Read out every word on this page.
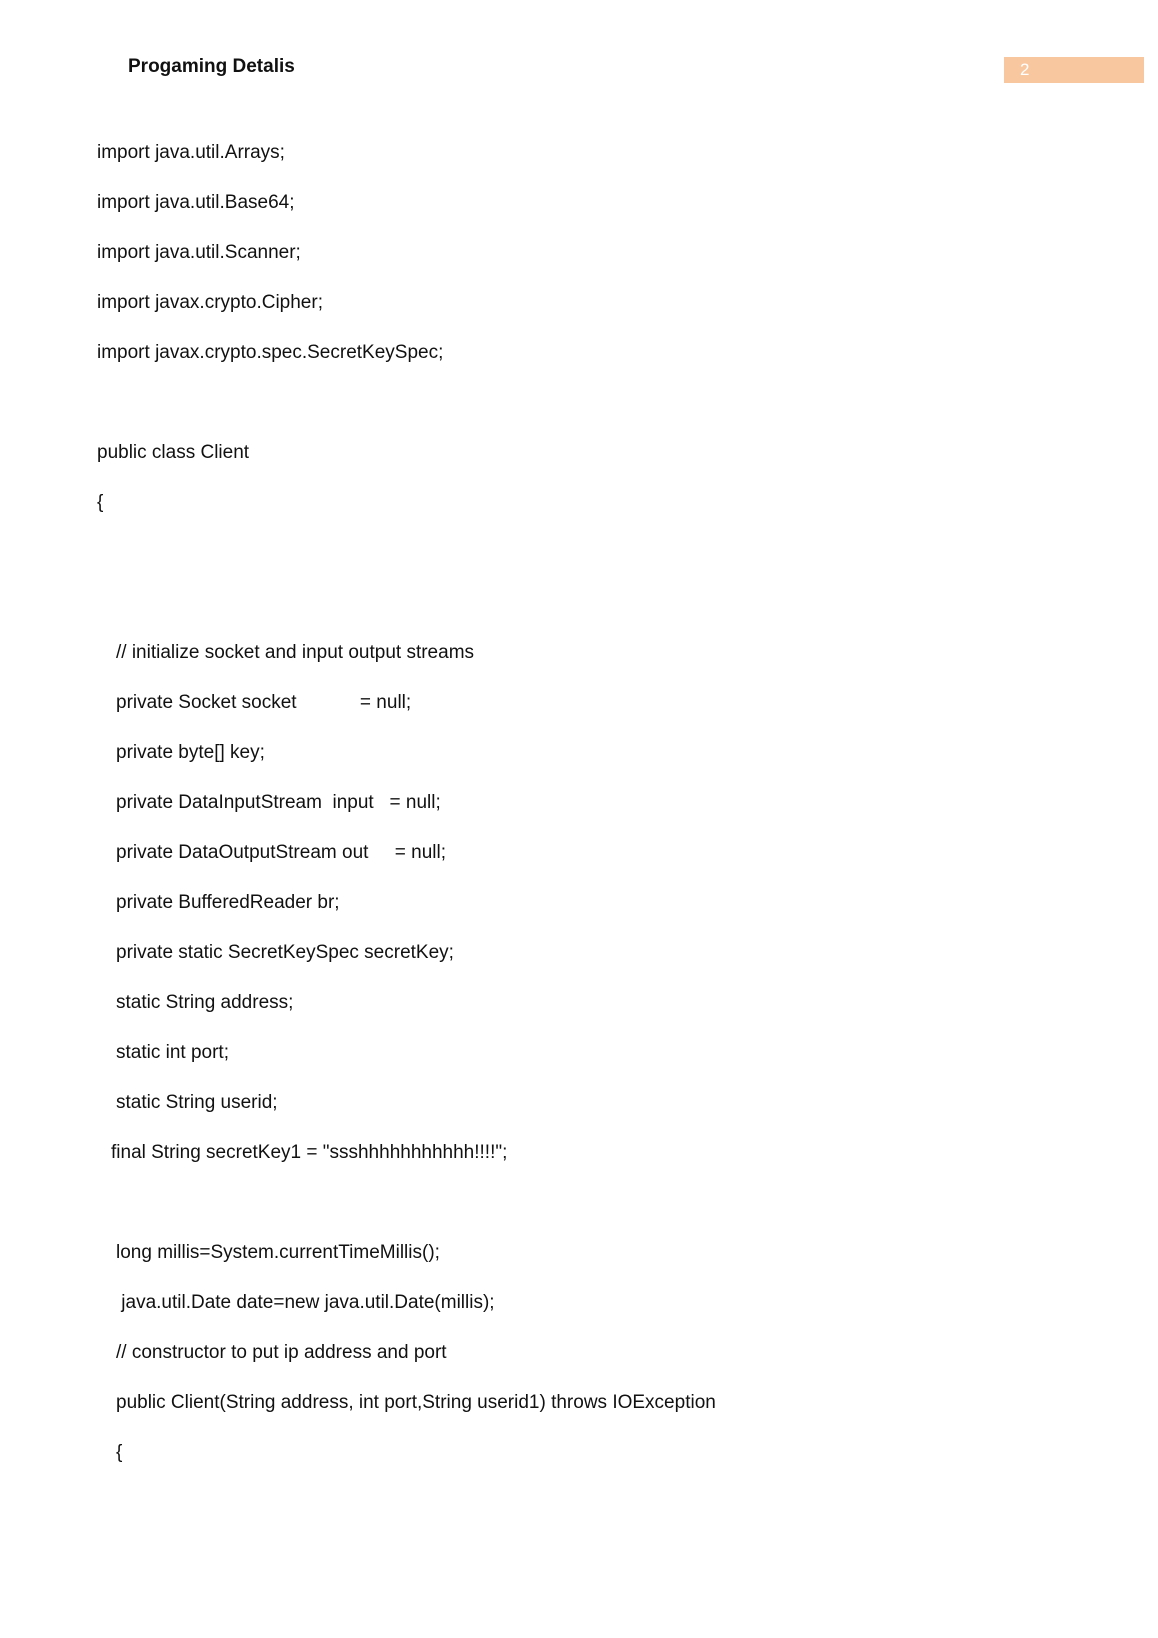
Progaming Detalis	2
import java.util.Arrays;
import java.util.Base64;
import java.util.Scanner;
import javax.crypto.Cipher;
import javax.crypto.spec.SecretKeySpec;
public class Client
{
// initialize socket and input output streams
private Socket socket            = null;
private byte[] key;
private DataInputStream  input   = null;
private DataOutputStream out     = null;
private BufferedReader br;
private static SecretKeySpec secretKey;
static String address;
static int port;
static String userid;
final String secretKey1 = "ssshhhhhhhhhhh!!!!";
long millis=System.currentTimeMillis();
java.util.Date date=new java.util.Date(millis);
// constructor to put ip address and port
public Client(String address, int port,String userid1) throws IOException
{
